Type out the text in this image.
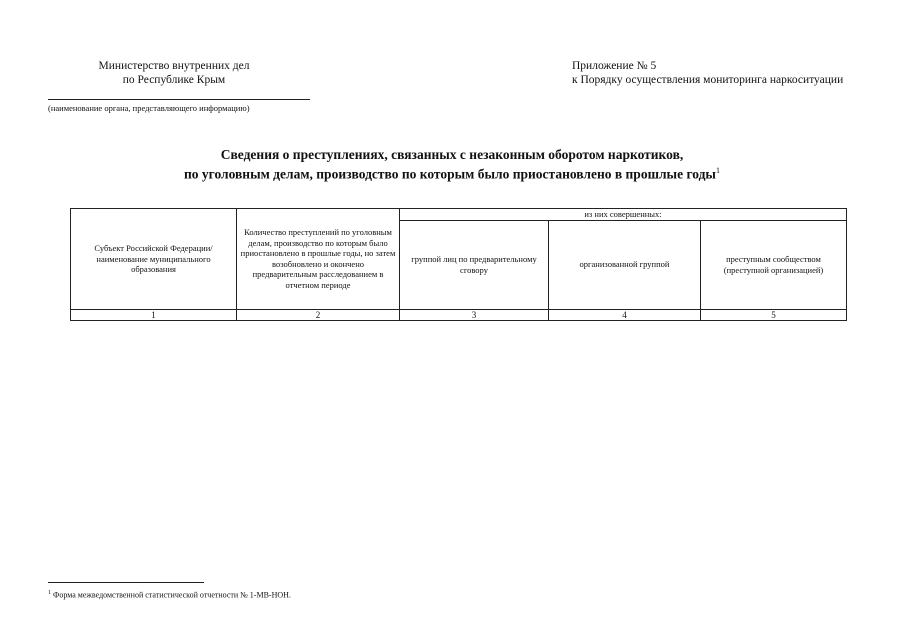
Министерство внутренних дел
по Республике Крым
(наименование органа, представляющего информацию)
Приложение № 5
к Порядку осуществления мониторинга наркоситуации
Сведения о преступлениях, связанных с незаконным оборотом наркотиков,
по уголовным делам, производство по которым было приостановлено в прошлые годы$^1$
Субъект Российской Федерации/ наименование муниципального образования	Количество преступлений по уголовным делам, производство по которым было приостановлено в прошлые годы, но затем возобновлено и окончено предварительным расследованием в отчетном периоде	из них совершенных:		
		группой лиц по предварительному сговору	организованной группой	преступным сообществом (преступной организацией)
1	2	3	4	5
$^1$ Форма межведомственной статистической отчетности № 1-МВ-НОН.
